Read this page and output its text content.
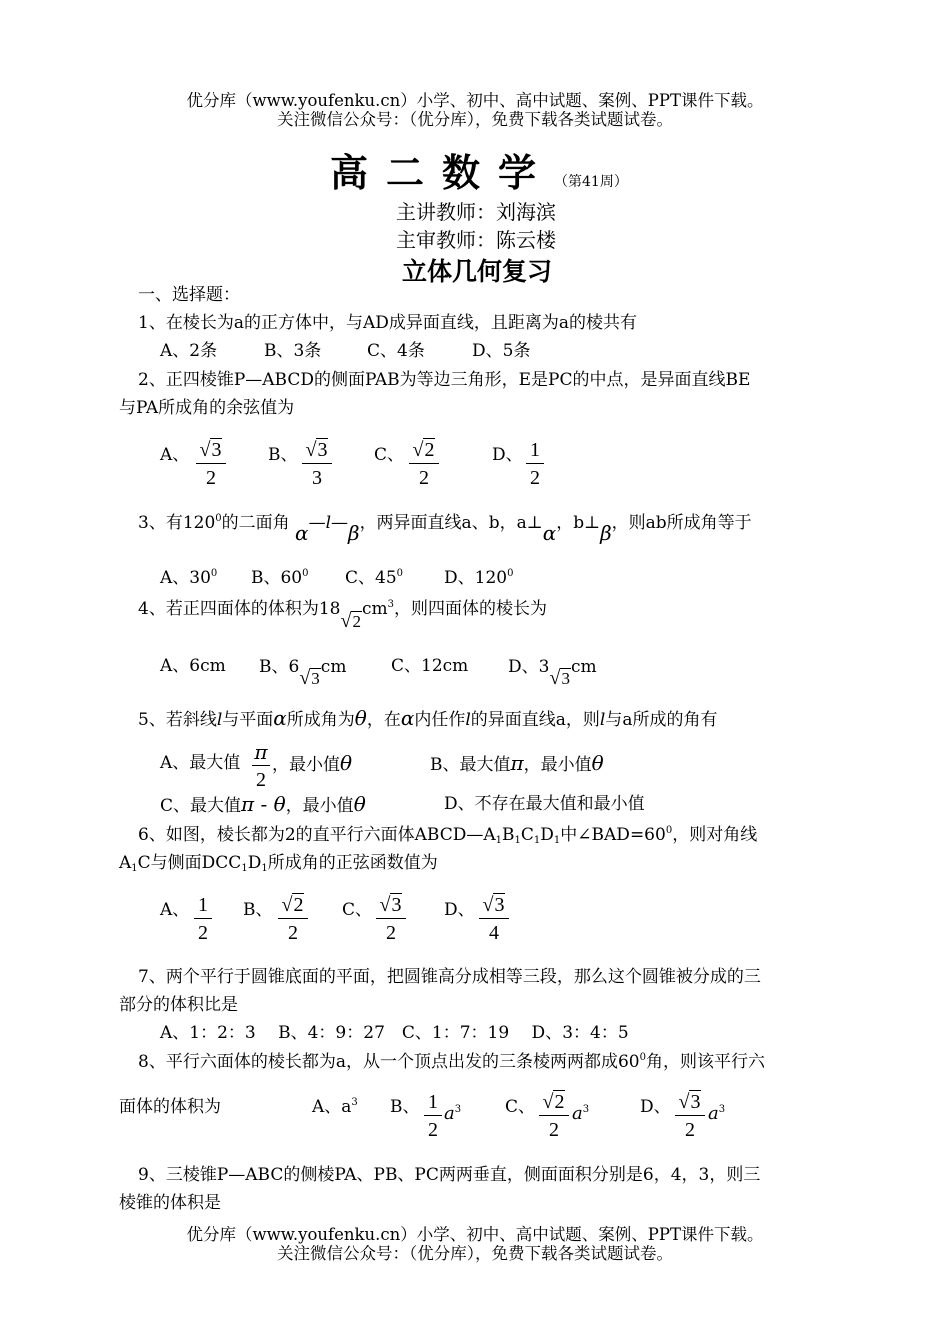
优分库（www.youfenku.cn）小学、初中、高中试题、案例、PPT课件下载。
关注微信公众号：（优分库），免费下载各类试题试卷。
高二数学（第41周）
主讲教师：刘海滨
主审教师：陈云楼
立体几何复习
一、选择题：
1、在棱长为a的正方体中，与AD成异面直线，且距离为a的棱共有
A、2条	B、3条	C、4条	D、5条
2、正四棱锥P—ABCD的侧面PAB为等边三角形，E是PC的中点，是异面直线BE
与PA所成角的余弦值为
A、 √3
2
B、 √3
3
C、 √2
2
D、 1
2
3、有$120^0$的二面角 α—l—β，两异面直线a、b，a⊥α，b⊥β，则ab所成角等于
A、$30^0$ B、$60^0$ C、$45^0$ D、$120^0$
4、若正四面体的体积为$18√2cm^3$，则四面体的棱长为
A、6cm B、6√3cm	C、12cm D、3√3cm
5、若斜线l与平面α所成角为θ，在α内任作l的异面直线a，则l与a所成的角有
A、最大值 π
2
，最小值θ	B、最大值π，最小值θ
C、最大值π - θ，最小值θ	D、不存在最大值和最小值
6、如图，棱长都为2的直平行六面体$ABCD—A_1B_1C_1D_1$中$\angle BAD=60^0$，则对角线
$A_1C$与侧面$DCC_1D_1$所成角的正弦函数值为
A、 1
2
B、 √2
2
C、 √3
2
D、 √3
4
7、两个平行于圆锥底面的平面，把圆锥高分成相等三段，那么这个圆锥被分成的三
部分的体积比是
A、1：2：3　 B、4：9：27　C、1：7：19　 D、3：4：5
8、平行六面体的棱长都为a，从一个顶点出发的三条棱两两都成$60^0$角，则该平行六
面体的体积为	A、$a^3$ B、 1
2
$a^3$	C、 √2
2
$a^3$	D、 √3
2
$a^3$
9、三棱锥P—ABC的侧棱PA、PB、PC两两垂直，侧面面积分别是6，4，3，则三
棱锥的体积是
优分库（www.youfenku.cn）小学、初中、高中试题、案例、PPT课件下载。
关注微信公众号：（优分库），免费下载各类试题试卷。
